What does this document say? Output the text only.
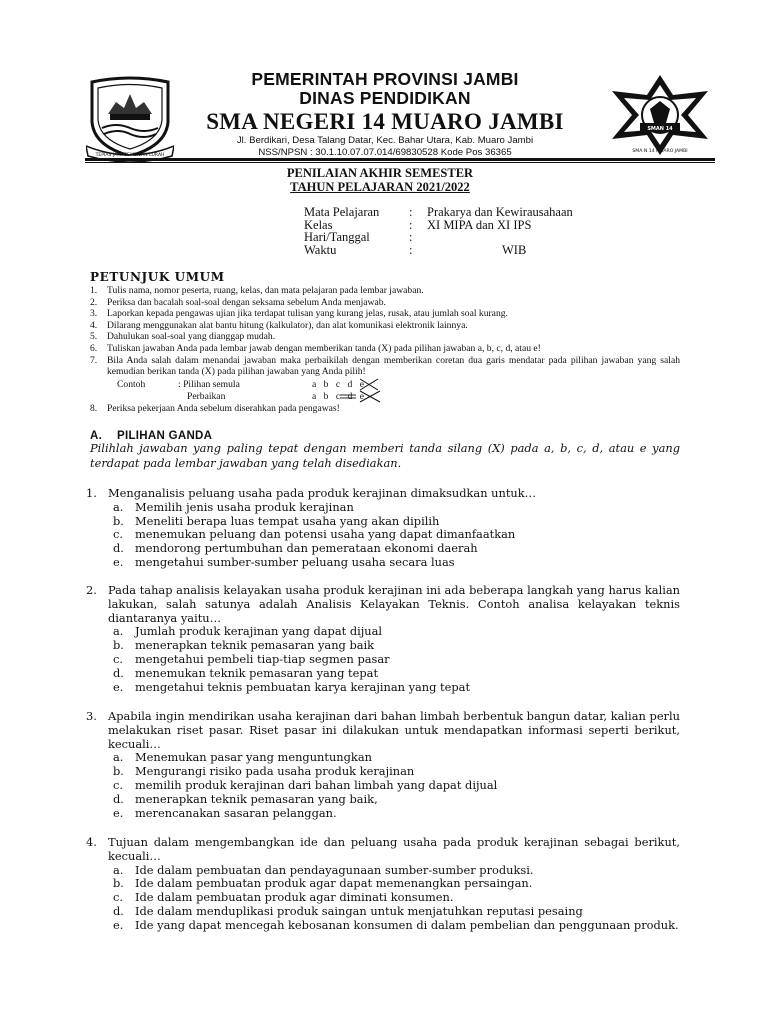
TEPIAS JAMI SEMBILAN LURAH
PEMERINTAH PROVINSI JAMBI
DINAS PENDIDIKAN
SMA NEGERI 14 MUARO JAMBI
Jl. Berdikari, Desa Talang Datar, Kec. Bahar Utara, Kab. Muaro Jambi
NSS/NPSN : 30.1.10.07.07.014/69830528 Kode Pos 36365
SMAN 14
SMA N 14 MUARO JAMBI
PENILAIAN AKHIR SEMESTER
TAHUN PELAJARAN 2021/2022
Mata Pelajaran	:	Prakarya dan Kewirausahaan
Kelas	:	XI MIPA dan XI IPS
Hari/Tanggal	:
Waktu	:	WIB
PETUNJUK UMUM
1.	Tulis nama, nomor peserta, ruang, kelas, dan mata pelajaran pada lembar jawaban.
2.	Periksa dan bacalah soal-soal dengan seksama sebelum Anda menjawab.
3.	Laporkan kepada pengawas ujian jika terdapat tulisan yang kurang jelas, rusak, atau jumlah soal kurang.
4.	Dilarang menggunakan alat bantu hitung (kalkulator), dan alat komunikasi elektronik lainnya.
5.	Dahulukan soal-soal yang dianggap mudah.
6.	Tuliskan jawaban Anda pada lembar jawab dengan memberikan tanda (X) pada pilihan jawaban a, b, c, d, atau e!
7.	Bila Anda salah dalam menandai jawaban maka perbaikilah dengan memberikan coretan dua garis mendatar pada pilihan jawaban yang salah kemudian berikan tanda (X) pada pilihan jawaban yang Anda pilih!
Contoh	: Pilihan semula	a b c d e
Perbaikan	a b c d e
8.	Periksa pekerjaan Anda sebelum diserahkan pada pengawas!
A. PILIHAN GANDA
Pilihlah jawaban yang paling tepat dengan memberi tanda silang (X) pada a, b, c, d, atau e yang terdapat pada lembar jawaban yang telah disediakan.
1. Menganalisis peluang usaha pada produk kerajinan dimaksudkan untuk…
a.	Memilih jenis usaha produk kerajinan
b. Meneliti berapa luas tempat usaha yang akan dipilih
c.	menemukan peluang dan potensi usaha yang dapat dimanfaatkan
d. mendorong pertumbuhan dan pemerataan ekonomi daerah
e.	mengetahui sumber-sumber peluang usaha secara luas
2. Pada tahap analisis kelayakan usaha produk kerajinan ini ada beberapa langkah yang harus kalian lakukan, salah satunya adalah Analisis Kelayakan Teknis. Contoh analisa kelayakan teknis diantaranya yaitu…
a.	Jumlah produk kerajinan yang dapat dijual
b. menerapkan teknik pemasaran yang baik
c.	mengetahui pembeli tiap-tiap segmen pasar
d. menemukan teknik pemasaran yang tepat
e.	mengetahui teknis pembuatan karya kerajinan yang tepat
3. Apabila ingin mendirikan usaha kerajinan dari bahan limbah berbentuk bangun datar, kalian perlu melakukan riset pasar. Riset pasar ini dilakukan untuk mendapatkan informasi seperti berikut, kecuali…
a.	Menemukan pasar yang menguntungkan
b. Mengurangi risiko pada usaha produk kerajinan
c.	memilih produk kerajinan dari bahan limbah yang dapat dijual
d. menerapkan teknik pemasaran yang baik,
e.	merencanakan sasaran pelanggan.
4. Tujuan dalam mengembangkan ide dan peluang usaha pada produk kerajinan sebagai berikut, kecuali…
a.	Ide dalam pembuatan dan pendayagunaan sumber-sumber produksi.
b. Ide dalam pembuatan produk agar dapat memenangkan persaingan.
c.	Ide dalam pembuatan produk agar diminati konsumen.
d. Ide dalam menduplikasi produk saingan untuk menjatuhkan reputasi pesaing
e.	Ide yang dapat mencegah kebosanan konsumen di dalam pembelian dan penggunaan produk.
